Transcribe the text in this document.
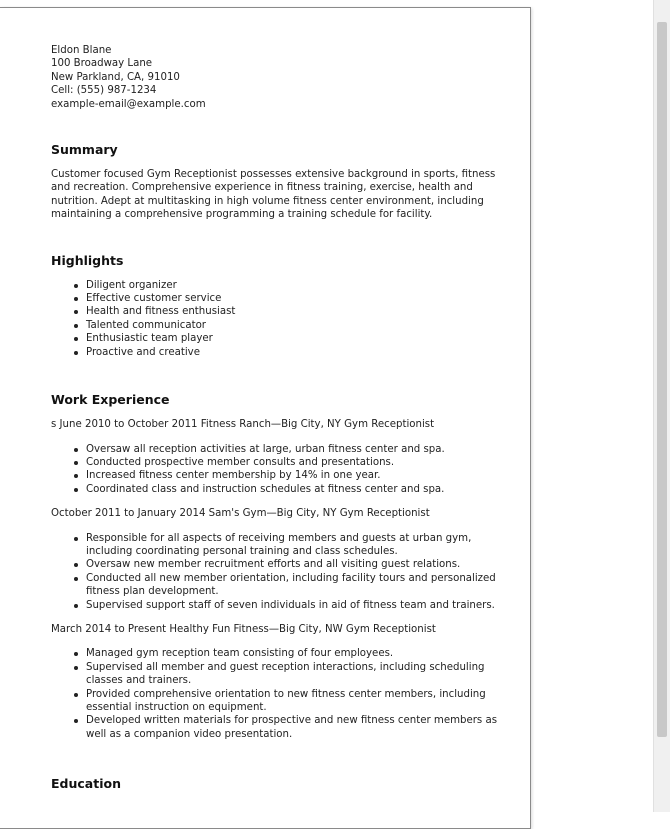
Eldon Blane
100 Broadway Lane
New Parkland, CA, 91010
Cell: (555) 987-1234
example-email@example.com
Summary

Customer focused Gym Receptionist possesses extensive background in sports, fitness and recreation. Comprehensive experience in fitness training, exercise, health and nutrition. Adept at multitasking in high volume fitness center environment, including maintaining a comprehensive programming a training schedule for facility.

Highlights
Diligent organizer
Effective customer service
Health and fitness enthusiast
Talented communicator
Enthusiastic team player
Proactive and creative
Work Experience

s June 2010 to October 2011 Fitness Ranch—Big City, NY Gym Receptionist

Oversaw all reception activities at large, urban fitness center and spa.
Conducted prospective member consults and presentations.
Increased fitness center membership by 14% in one year.
Coordinated class and instruction schedules at fitness center and spa.

October 2011 to January 2014 Sam's Gym—Big City, NY Gym Receptionist

Responsible for all aspects of receiving members and guests at urban gym, including coordinating personal training and class schedules.
Oversaw new member recruitment efforts and all visiting guest relations.
Conducted all new member orientation, including facility tours and personalized fitness plan development.
Supervised support staff of seven individuals in aid of fitness team and trainers.

March 2014 to Present Healthy Fun Fitness—Big City, NW Gym Receptionist

Managed gym reception team consisting of four employees.
Supervised all member and guest reception interactions, including scheduling classes and trainers.
Provided comprehensive orientation to new fitness center members, including essential instruction on equipment.
Developed written materials for prospective and new fitness center members as well as a companion video presentation.
Education
